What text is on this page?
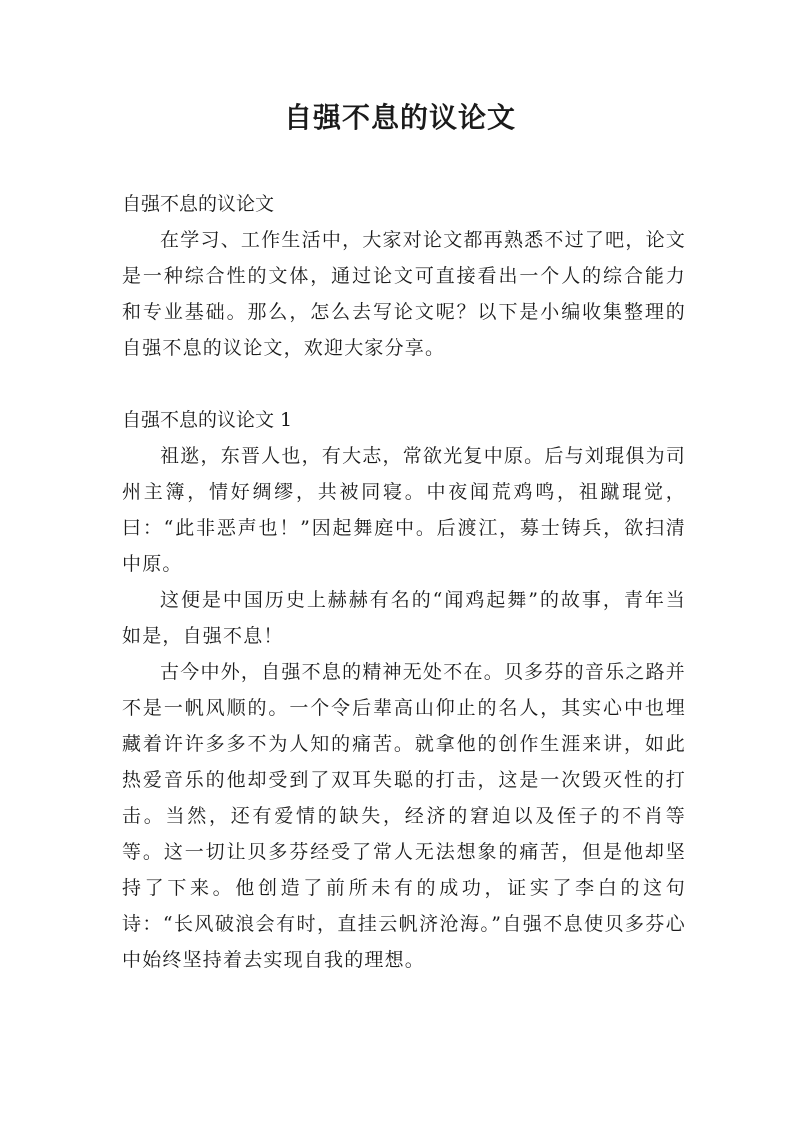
自强不息的议论文

自强不息的议论文

在学习、工作生活中，大家对论文都再熟悉不过了吧，论文是一种综合性的文体，通过论文可直接看出一个人的综合能力和专业基础。那么，怎么去写论文呢？以下是小编收集整理的自强不息的议论文，欢迎大家分享。

自强不息的议论文 1

祖逖，东晋人也，有大志，常欲光复中原。后与刘琨俱为司州主簿，情好绸缪，共被同寝。中夜闻荒鸡鸣，祖蹴琨觉，曰：“此非恶声也！”因起舞庭中。后渡江，募士铸兵，欲扫清中原。

这便是中国历史上赫赫有名的“闻鸡起舞”的故事，青年当如是，自强不息！

古今中外，自强不息的精神无处不在。贝多芬的音乐之路并不是一帆风顺的。一个令后辈高山仰止的名人，其实心中也埋藏着许许多多不为人知的痛苦。就拿他的创作生涯来讲，如此热爱音乐的他却受到了双耳失聪的打击，这是一次毁灭性的打击。当然，还有爱情的缺失，经济的窘迫以及侄子的不肖等等。这一切让贝多芬经受了常人无法想象的痛苦，但是他却坚持了下来。他创造了前所未有的成功，证实了李白的这句诗：“长风破浪会有时，直挂云帆济沧海。”自强不息使贝多芬心中始终坚持着去实现自我的理想。
